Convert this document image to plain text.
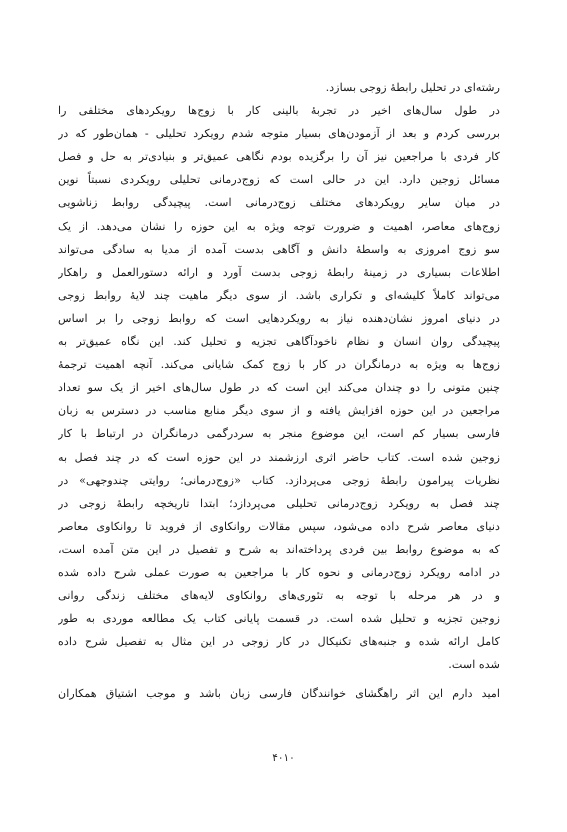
رشته‌ای در تحلیل رابطهٔ زوجی بسازد.

در طول سال‌های اخیر در تجربهٔ بالینی کار با زوج‌ها رویکردهای مختلفی را
بررسی کردم و بعد از آزمودن‌های بسیار متوجه شدم رویکرد تحلیلی - همان‌طور که در
کار فردی با مراجعین نیز آن را برگزیده بودم نگاهی عمیق‌تر و بنیادی‌تر به حل و فصل
مسائل زوجین دارد. این در حالی است که زوج‌درمانی تحلیلی رویکردی نسبتاً نوین
در میان سایر رویکردهای مختلف زوج‌درمانی است. پیچیدگی روابط زناشویی
زوج‌های معاصر، اهمیت و ضرورت توجه ویژه به این حوزه را نشان می‌دهد. از یک
سو زوج امروزی به واسطهٔ دانش و آگاهی بدست آمده از مدیا به سادگی می‌تواند
اطلاعات بسیاری در زمینهٔ رابطهٔ زوجی بدست آورد و ارائه دستورالعمل و راهکار
می‌تواند کاملاً کلیشه‌ای و تکراری باشد. از سوی دیگر ماهیت چند لایهٔ روابط زوجی
در دنیای امروز نشان‌دهنده نیاز به رویکردهایی است که روابط زوجی را بر اساس
پیچیدگی روان انسان و نظام ناخودآگاهی تجزیه و تحلیل کند. این نگاه عمیق‌تر به
زوج‌ها به ویژه به درمانگران در کار با زوج کمک شایانی می‌کند. آنچه اهمیت ترجمهٔ
چنین متونی را دو چندان می‌کند این است که در طول سال‌های اخیر از یک سو تعداد
مراجعین در این حوزه افزایش یافته و از سوی دیگر منابع مناسب در دسترس به زبان
فارسی بسیار کم است، این موضوع منجر به سردرگمی درمانگران در ارتباط با کار
زوجین شده است. کتاب حاضر اثری ارزشمند در این حوزه است که در چند فصل به
نظریات پیرامون رابطهٔ زوجی می‌پردازد. کتاب «زوج‌درمانی؛ روایتی چندوجهی» در
چند فصل به رویکرد زوج‌درمانی تحلیلی می‌پردازد؛ ابتدا تاریخچه رابطهٔ زوجی در
دنیای معاصر شرح داده می‌شود، سپس مقالات روانکاوی از فروید تا روانکاوی معاصر
که به موضوع روابط بین فردی پرداخته‌اند به شرح و تفصیل در این متن آمده است،
در ادامه رویکرد زوج‌درمانی و نحوه کار با مراجعین به صورت عملی شرح داده شده
و در هر مرحله با توجه به تئوری‌های روانکاوی لایه‌های مختلف زندگی روانی
زوجین تجزیه و تحلیل شده است. در قسمت پایانی کتاب یک مطالعه موردی به طور
کامل ارائه شده و جنبه‌های تکنیکال در کار زوجی در این مثال به تفصیل شرح داده
شده است.

امید دارم این اثر راهگشای خوانندگان فارسی زبان باشد و موجب اشتیاق همکاران

۴۰۱۰
